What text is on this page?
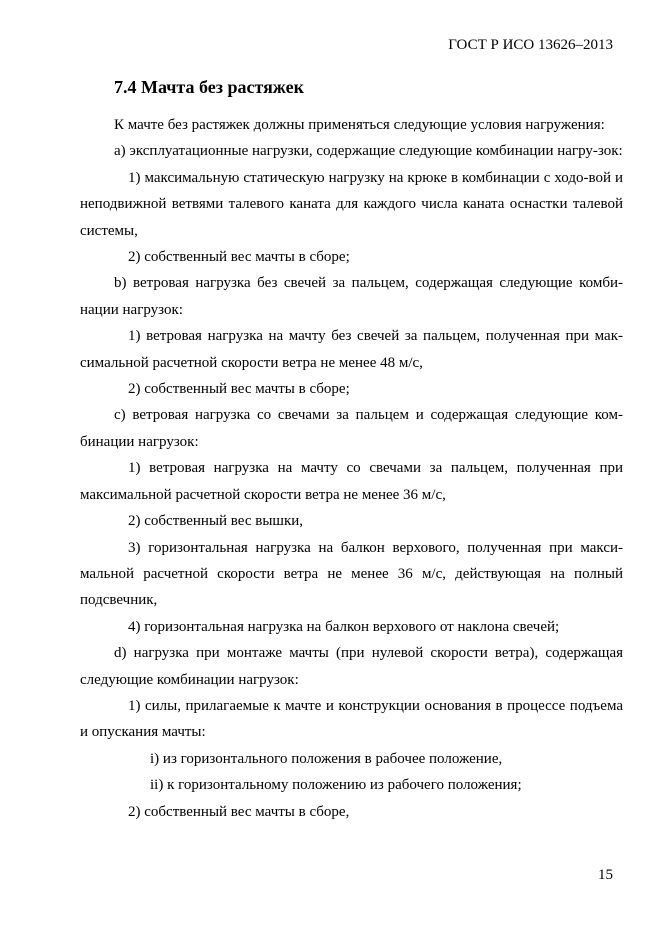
ГОСТ Р ИСО 13626–2013
7.4 Мачта без растяжек

К мачте без растяжек должны применяться следующие условия нагружения:

a) эксплуатационные нагрузки, содержащие следующие комбинации нагру-зок:

1) максимальную статическую нагрузку на крюке в комбинации с ходо-вой и неподвижной ветвями талевого каната для каждого числа каната оснастки талевой системы,

2) собственный вес мачты в сборе;

b) ветровая нагрузка без свечей за пальцем, содержащая следующие комби-нации нагрузок:

1) ветровая нагрузка на мачту без свечей за пальцем, полученная при мак-симальной расчетной скорости ветра не менее 48 м/с,

2) собственный вес мачты в сборе;

c) ветровая нагрузка со свечами за пальцем и содержащая следующие ком-бинации нагрузок:

1) ветровая нагрузка на мачту со свечами за пальцем, полученная при максимальной расчетной скорости ветра не менее 36 м/с,

2) собственный вес вышки,

3) горизонтальная нагрузка на балкон верхового, полученная при макси-мальной расчетной скорости ветра не менее 36 м/с, действующая на полный подсвечник,

4) горизонтальная нагрузка на балкон верхового от наклона свечей;

d) нагрузка при монтаже мачты (при нулевой скорости ветра), содержащая следующие комбинации нагрузок:

1) силы, прилагаемые к мачте и конструкции основания в процессе подъема и опускания мачты:

i) из горизонтального положения в рабочее положение,

ii) к горизонтальному положению из рабочего положения;

2) собственный вес мачты в сборе,

15
